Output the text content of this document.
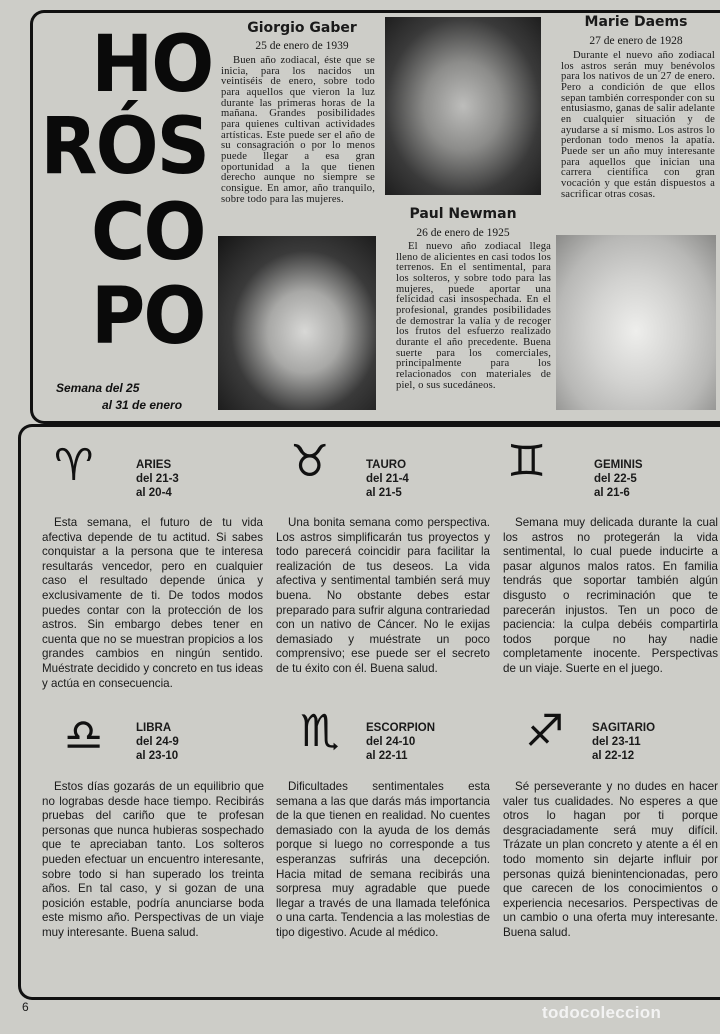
HO
RÓS
CO
PO
Semana del 25
al 31 de enero
Giorgio Gaber
25 de enero de 1939
Buen año zodiacal, éste que se inicia, para los nacidos un veintiséis de enero, sobre todo para aquellos que vieron la luz durante las primeras horas de la mañana. Grandes posibilidades para quienes cultivan actividades artísticas. Este puede ser el año de su consagración o por lo menos puede llegar a esa gran oportunidad a la que tienen derecho aunque no siempre se consigue. En amor, año tranquilo, sobre todo para las mujeres.
Paul Newman
26 de enero de 1925
El nuevo año zodiacal llega lleno de alicientes en casi todos los terrenos. En el sentimental, para los solteros, y sobre todo para las mujeres, puede aportar una felicidad casi insospechada. En el profesional, grandes posibilidades de demostrar la valía y de recoger los frutos del esfuerzo realizado durante el año precedente. Buena suerte para los comerciales, principalmente para los relacionados con materiales de piel, o sus sucedáneos.
Marie Daems
27 de enero de 1928
Durante el nuevo año zodiacal los astros serán muy benévolos para los nativos de un 27 de enero. Pero a condición de que ellos sepan también corresponder con su entusiasmo, ganas de salir adelante en cualquier situación y de ayudarse a sí mismo. Los astros lo perdonan todo menos la apatía. Puede ser un año muy interesante para aquellos que inician una carrera científica con gran vocación y que están dispuestos a sacrificar otras cosas.
♈	ARIES
del 21-3
al 20-4
Esta semana, el futuro de tu vida afectiva depende de tu actitud. Si sabes conquistar a la persona que te interesa resultarás vencedor, pero en cualquier caso el resultado depende única y exclusivamente de ti. De todos modos puedes contar con la protección de los astros. Sin embargo debes tener en cuenta que no se muestran propicios a los grandes cambios en ningún sentido. Muéstrate decidido y concreto en tus ideas y actúa en consecuencia.
♉	TAURO
del 21-4
al 21-5
Una bonita semana como perspectiva. Los astros simplificarán tus proyectos y todo parecerá coincidir para facilitar la realización de tus deseos. La vida afectiva y sentimental también será muy buena. No obstante debes estar preparado para sufrir alguna contrariedad con un nativo de Cáncer. No le exijas demasiado y muéstrate un poco comprensivo; ese puede ser el secreto de tu éxito con él. Buena salud.
♊	GEMINIS
del 22-5
al 21-6
Semana muy delicada durante la cual los astros no protegerán la vida sentimental, lo cual puede inducirte a pasar algunos malos ratos. En familia tendrás que soportar también algún disgusto o recriminación que te parecerán injustos. Ten un poco de paciencia: la culpa debéis compartirla todos porque no hay nadie completamente inocente. Perspectivas de un viaje. Suerte en el juego.
♎	LIBRA
del 24-9
al 23-10
Estos días gozarás de un equilibrio que no lograbas desde hace tiempo. Recibirás pruebas del cariño que te profesan personas que nunca hubieras sospechado que te apreciaban tanto. Los solteros pueden efectuar un encuentro interesante, sobre todo si han superado los treinta años. En tal caso, y si gozan de una posición estable, podría anunciarse boda este mismo año. Perspectivas de un viaje muy interesante. Buena salud.
♏ ESCORPION
del 24-10
al 22-11
Dificultades sentimentales esta semana a las que darás más importancia de la que tienen en realidad. No cuentes demasiado con la ayuda de los demás porque si luego no corresponde a tus esperanzas sufrirás una decepción. Hacia mitad de semana recibirás una sorpresa muy agradable que puede llegar a través de una llamada telefónica o una carta. Tendencia a las molestias de tipo digestivo. Acude al médico.
♐ SAGITARIO
del 23-11
al 22-12
Sé perseverante y no dudes en hacer valer tus cualidades. No esperes a que otros lo hagan por ti porque desgraciadamente será muy difícil. Trázate un plan concreto y atente a él en todo momento sin dejarte influir por personas quizá bienintencionadas, pero que carecen de los conocimientos o experiencia necesarios. Perspectivas de un cambio o una oferta muy interesante. Buena salud.
6	todocoleccion
